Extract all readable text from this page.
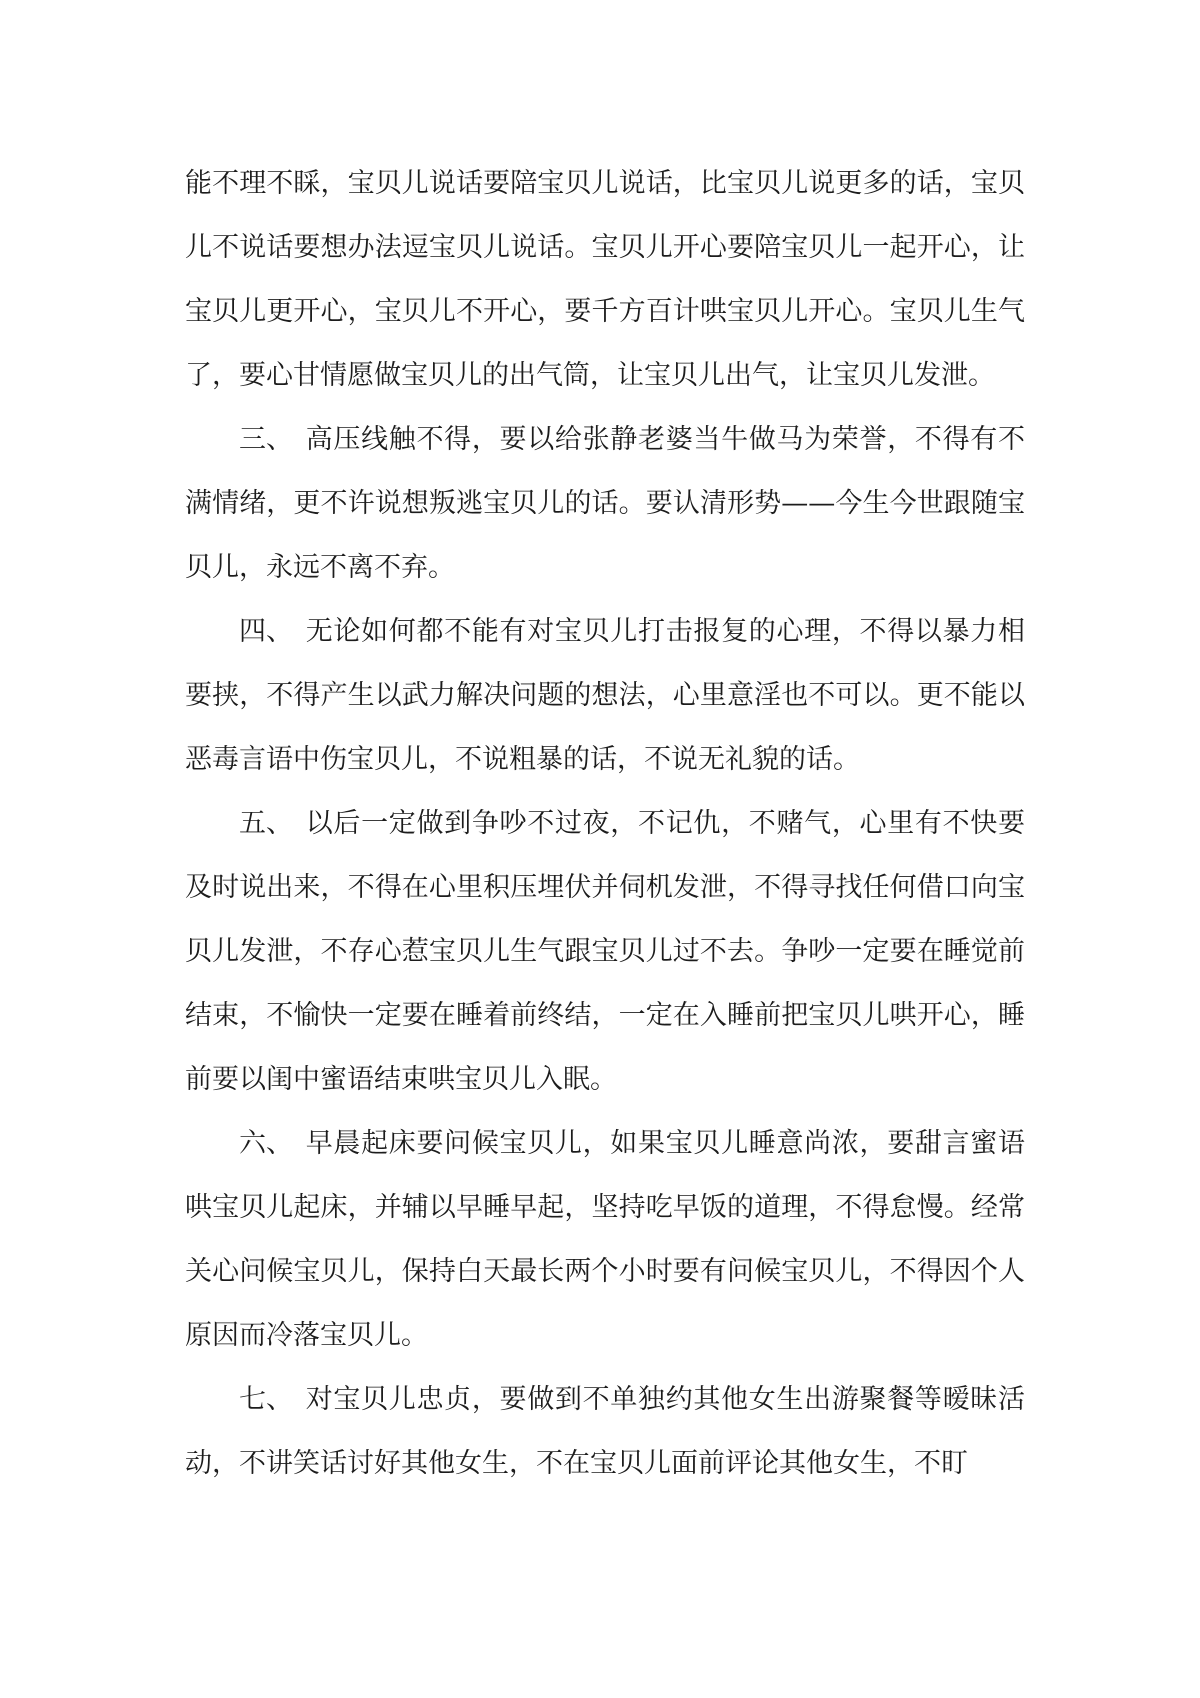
能不理不睬，宝贝儿说话要陪宝贝儿说话，比宝贝儿说更多的话，宝贝儿不说话要想办法逗宝贝儿说话。宝贝儿开心要陪宝贝儿一起开心，让宝贝儿更开心，宝贝儿不开心，要千方百计哄宝贝儿开心。宝贝儿生气了，要心甘情愿做宝贝儿的出气筒，让宝贝儿出气，让宝贝儿发泄。

三、 高压线触不得，要以给张静老婆当牛做马为荣誉，不得有不满情绪，更不许说想叛逃宝贝儿的话。要认清形势——今生今世跟随宝贝儿，永远不离不弃。

四、 无论如何都不能有对宝贝儿打击报复的心理，不得以暴力相要挟，不得产生以武力解决问题的想法，心里意淫也不可以。更不能以恶毒言语中伤宝贝儿，不说粗暴的话，不说无礼貌的话。

五、 以后一定做到争吵不过夜，不记仇，不赌气，心里有不快要及时说出来，不得在心里积压埋伏并伺机发泄，不得寻找任何借口向宝贝儿发泄，不存心惹宝贝儿生气跟宝贝儿过不去。争吵一定要在睡觉前结束，不愉快一定要在睡着前终结，一定在入睡前把宝贝儿哄开心，睡前要以闺中蜜语结束哄宝贝儿入眠。

六、 早晨起床要问候宝贝儿，如果宝贝儿睡意尚浓，要甜言蜜语哄宝贝儿起床，并辅以早睡早起，坚持吃早饭的道理，不得怠慢。经常关心问候宝贝儿，保持白天最长两个小时要有问候宝贝儿，不得因个人原因而冷落宝贝儿。

七、 对宝贝儿忠贞，要做到不单独约其他女生出游聚餐等暧昧活动，不讲笑话讨好其他女生，不在宝贝儿面前评论其他女生，不盯
